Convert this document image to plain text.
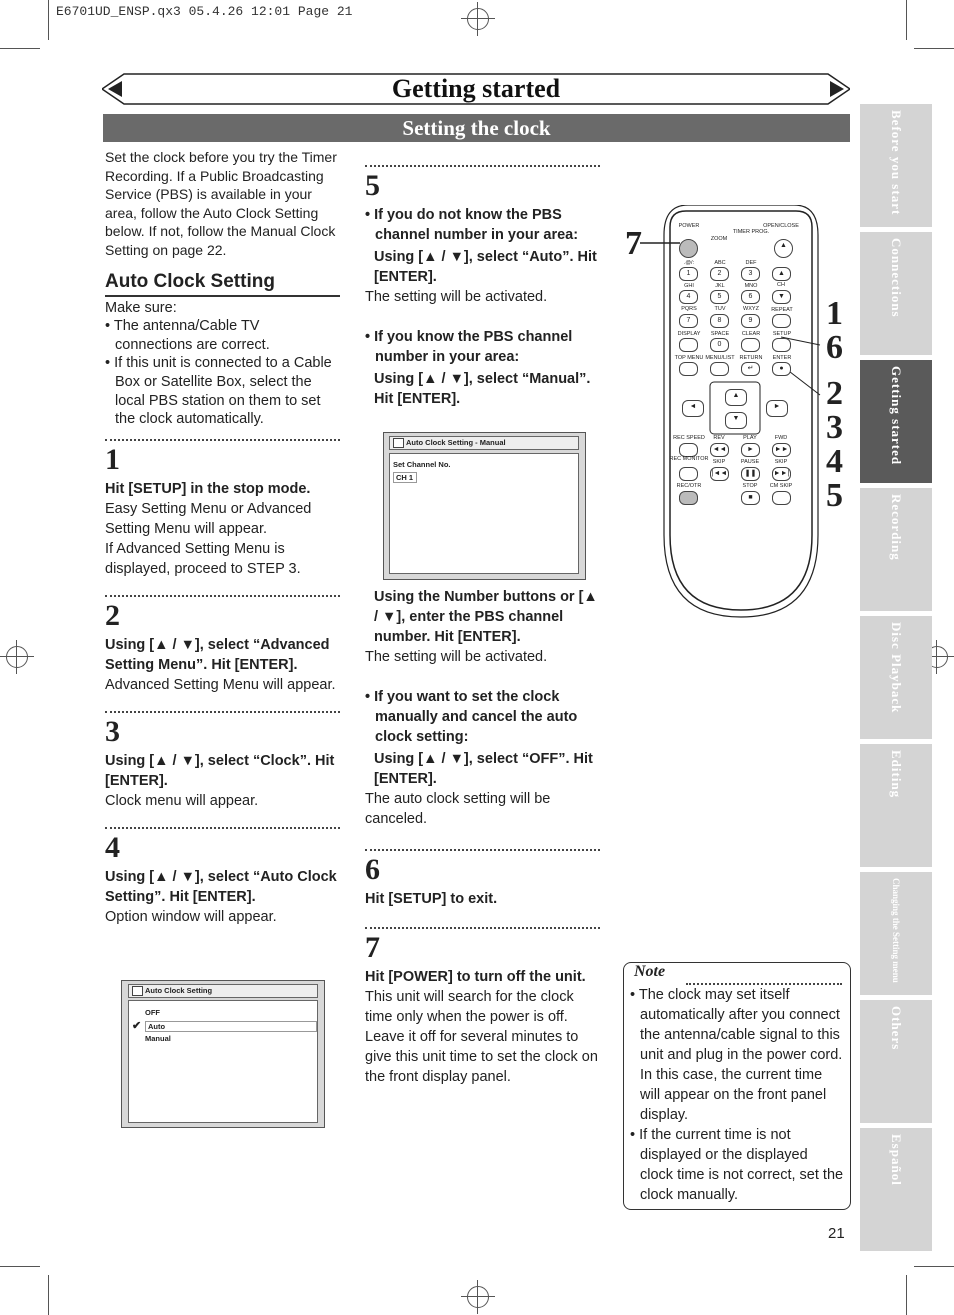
E6701UD_ENSP.qx3 05.4.26 12:01 Page 21
Getting started
Setting the clock

Set the clock before you try the Timer Recording. If a Public Broadcasting Service (PBS) is available in your area, follow the Auto Clock Setting below. If not, follow the Manual Clock Setting on page 22.

Auto Clock Setting

Make sure:

• The antenna/Cable TV connections are correct.

• If this unit is connected to a Cable Box or Satellite Box, select the local PBS station on them to set the clock automatically.

1

Hit [SETUP] in the stop mode.

Easy Setting Menu or Advanced Setting Menu will appear.

If Advanced Setting Menu is displayed, proceed to STEP 3.

2

Using [▲ / ▼], select “Advanced Setting Menu”. Hit [ENTER].

Advanced Setting Menu will appear.

3

Using [▲ / ▼], select “Clock”. Hit [ENTER].

Clock menu will appear.

4

Using [▲ / ▼], select “Auto Clock Setting”. Hit [ENTER].

Option window will appear.

Auto Clock Setting
OFF
Auto
✔
Manual
5

• If you do not know the PBS channel number in your area:

Using [▲ / ▼], select “Auto”. Hit [ENTER].

The setting will be activated.

• If you know the PBS channel number in your area:

Using [▲ / ▼], select “Manual”. Hit [ENTER].

Auto Clock Setting - Manual
Set Channel No.
CH 1

Using the Number buttons or [▲ / ▼], enter the PBS channel number. Hit [ENTER].

The setting will be activated.

• If you want to set the clock manually and cancel the auto clock setting:

Using [▲ / ▼], select “OFF”. Hit [ENTER].

The auto clock setting will be canceled.

6

Hit [SETUP] to exit.

7

Hit [POWER] to turn off the unit.

This unit will search for the clock time only when the power is off. Leave it off for several minutes to give this unit time to set the clock on the front display panel.

7
1
6
2
3
4
5
POWER	OPEN/CLOSE
ZOOM
TIMER PROG.
▲
.@/:	ABC	DEF
1	2	3	▲
CH
GHI	JKL	MNO
4	5	6	▼
PQRS	TUV	WXYZ	REPEAT
7	8	9
DISPLAY	SPACE	CLEAR	SETUP
0
TOP MENU MENU/LIST RETURN	ENTER
↵	●
▲
▼
◄	►
REC SPEED	REV	PLAY	FWD
◄◄	►	►►
REC MONITOR SKIP	PAUSE	SKIP
|◄◄	❚❚	►►|
REC/OTR	STOP	CM SKIP
■
Note

• The clock may set itself automatically after you connect the antenna/cable signal to this unit and plug in the power cord. In this case, the current time will appear on the front panel display.

• If the current time is not displayed or the displayed clock time is not correct, set the clock manually.

Before you start
Connections
Getting started
Recording
Disc Playback
Editing
Changing the Setting menu
Others
Español
21
